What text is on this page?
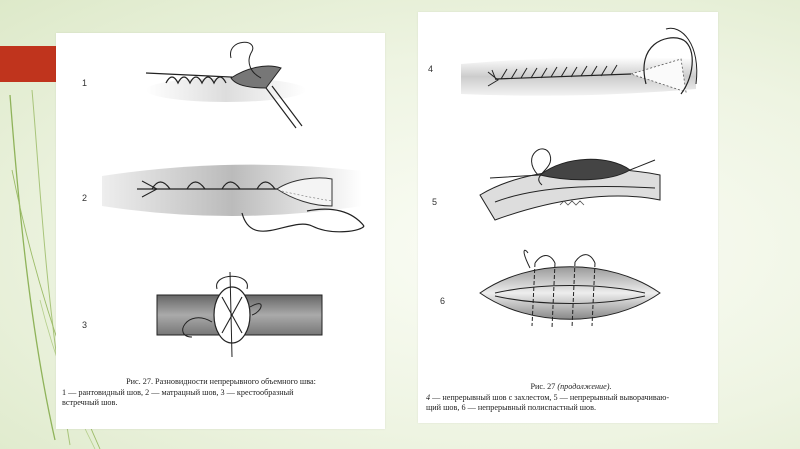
1
2
3
Рис. 27. Разновидности непрерывного объемного шва:
1 — рантовидный шов, 2 — матрацный шов, 3 — крестообразный
встречный шов.
4
5
6
Рис. 27 (продолжение).
4 — непрерывный шов с захлестом, 5 — непрерывный выворачиваю-
щий шов, 6 — непрерывный полиспастный шов.
